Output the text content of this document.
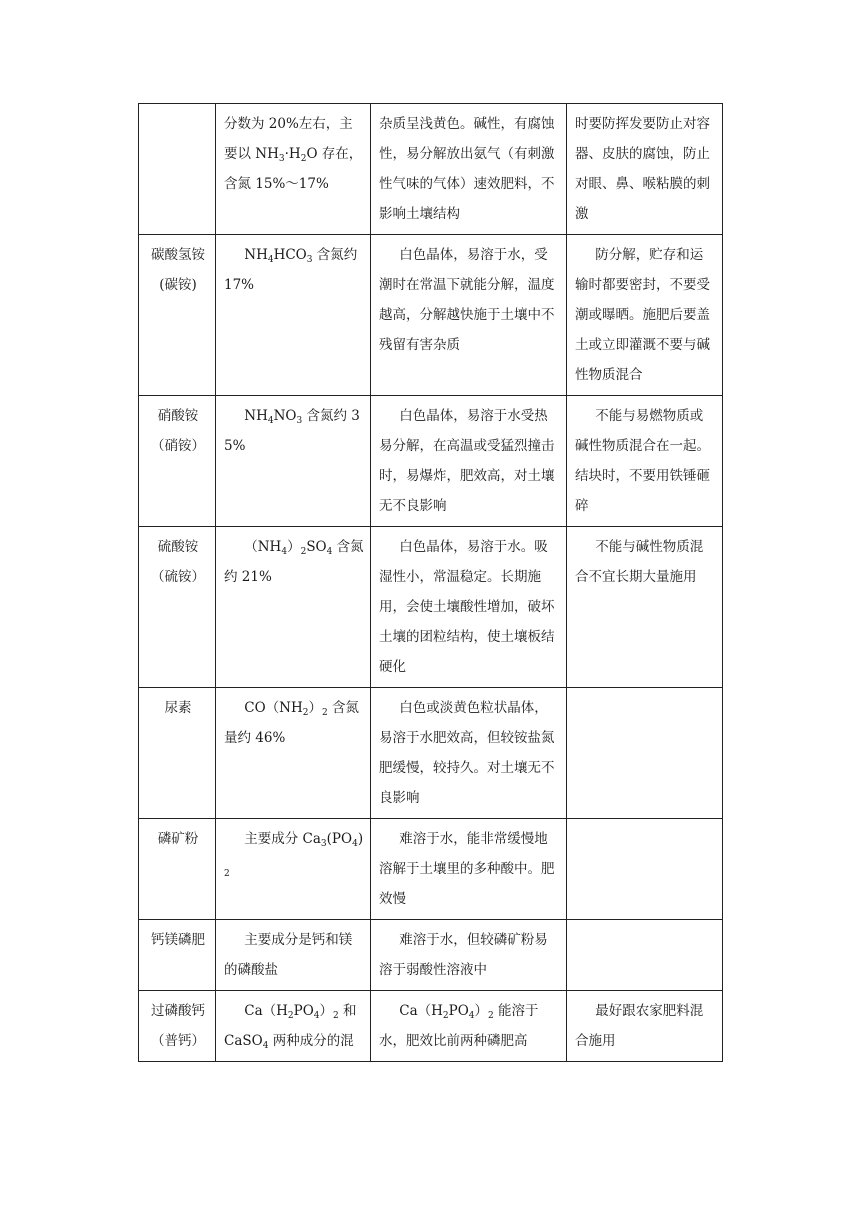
	分数为 20%左右，主要以 $NH_3\cdot H_2O$ 存在，含氮 15%～17%	杂质呈浅黄色。碱性，有腐蚀性，易分解放出氨气（有刺激性气味的气体）速效肥料，不影响土壤结构	时要防挥发要防止对容器、皮肤的腐蚀，防止对眼、鼻、喉粘膜的刺激
碳酸氢铵(碳铵)	$NH_4HCO_3$ 含氮约 17%	白色晶体，易溶于水，受潮时在常温下就能分解，温度越高，分解越快施于土壤中不残留有害杂质	防分解，贮存和运输时都要密封，不要受潮或曝晒。施肥后要盖土或立即灌溉不要与碱性物质混合
硝酸铵（硝铵）	$NH_4NO_3$ 含氮约 35%	白色晶体，易溶于水受热易分解，在高温或受猛烈撞击时，易爆炸，肥效高，对土壤无不良影响	不能与易燃物质或碱性物质混合在一起。结块时，不要用铁锤砸碎
硫酸铵（硫铵）	$(NH_4)_2SO_4$ 含氮约 21%	白色晶体，易溶于水。吸湿性小，常温稳定。长期施用，会使土壤酸性增加，破坏土壤的团粒结构，使土壤板结硬化	不能与碱性物质混合不宜长期大量施用
尿素	$CO(NH_2)_2$ 含氮量约 46%	白色或淡黄色粒状晶体，易溶于水肥效高，但较铵盐氮肥缓慢，较持久。对土壤无不良影响	
磷矿粉	主要成分 $Ca_3(PO_4)_2$	难溶于水，能非常缓慢地溶解于土壤里的多种酸中。肥效慢	
钙镁磷肥	主要成分是钙和镁的磷酸盐	难溶于水，但较磷矿粉易溶于弱酸性溶液中	
过磷酸钙（普钙）	$Ca(H_2PO_4)_2$ 和 CaSO$_4$ 两种成分的混	$Ca(H_2PO_4)_2$ 能溶于水，肥效比前两种磷肥高	最好跟农家肥料混合施用
